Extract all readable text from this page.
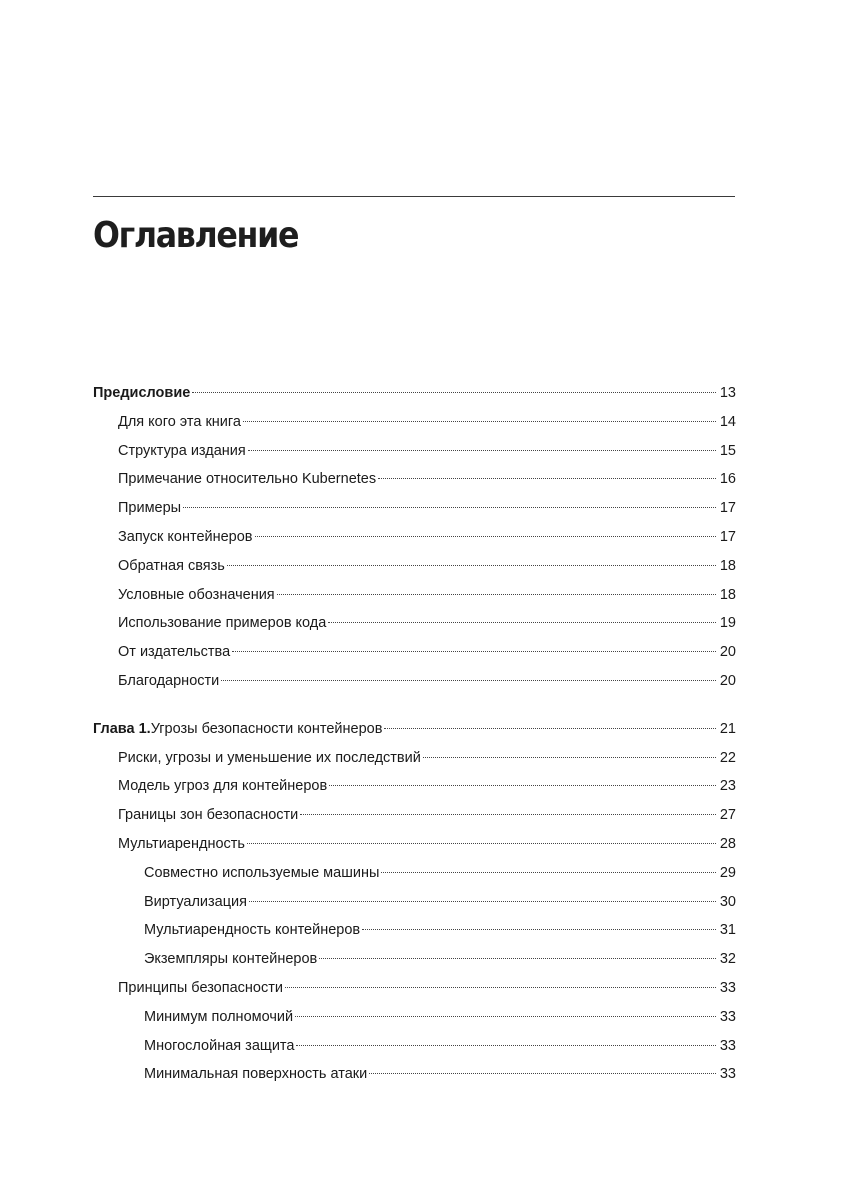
Оглавление
Предисловие	13
Для кого эта книга	14
Структура издания	15
Примечание относительно Kubernetes	16
Примеры	17
Запуск контейнеров	17
Обратная связь	18
Условные обозначения	18
Использование примеров кода	19
От издательства	20
Благодарности	20
Глава 1. Угрозы безопасности контейнеров	21
Риски, угрозы и уменьшение их последствий	22
Модель угроз для контейнеров	23
Границы зон безопасности	27
Мультиарендность	28
Совместно используемые машины	29
Виртуализация	30
Мультиарендность контейнеров	31
Экземпляры контейнеров	32
Принципы безопасности	33
Минимум полномочий	33
Многослойная защита	33
Минимальная поверхность атаки	33
